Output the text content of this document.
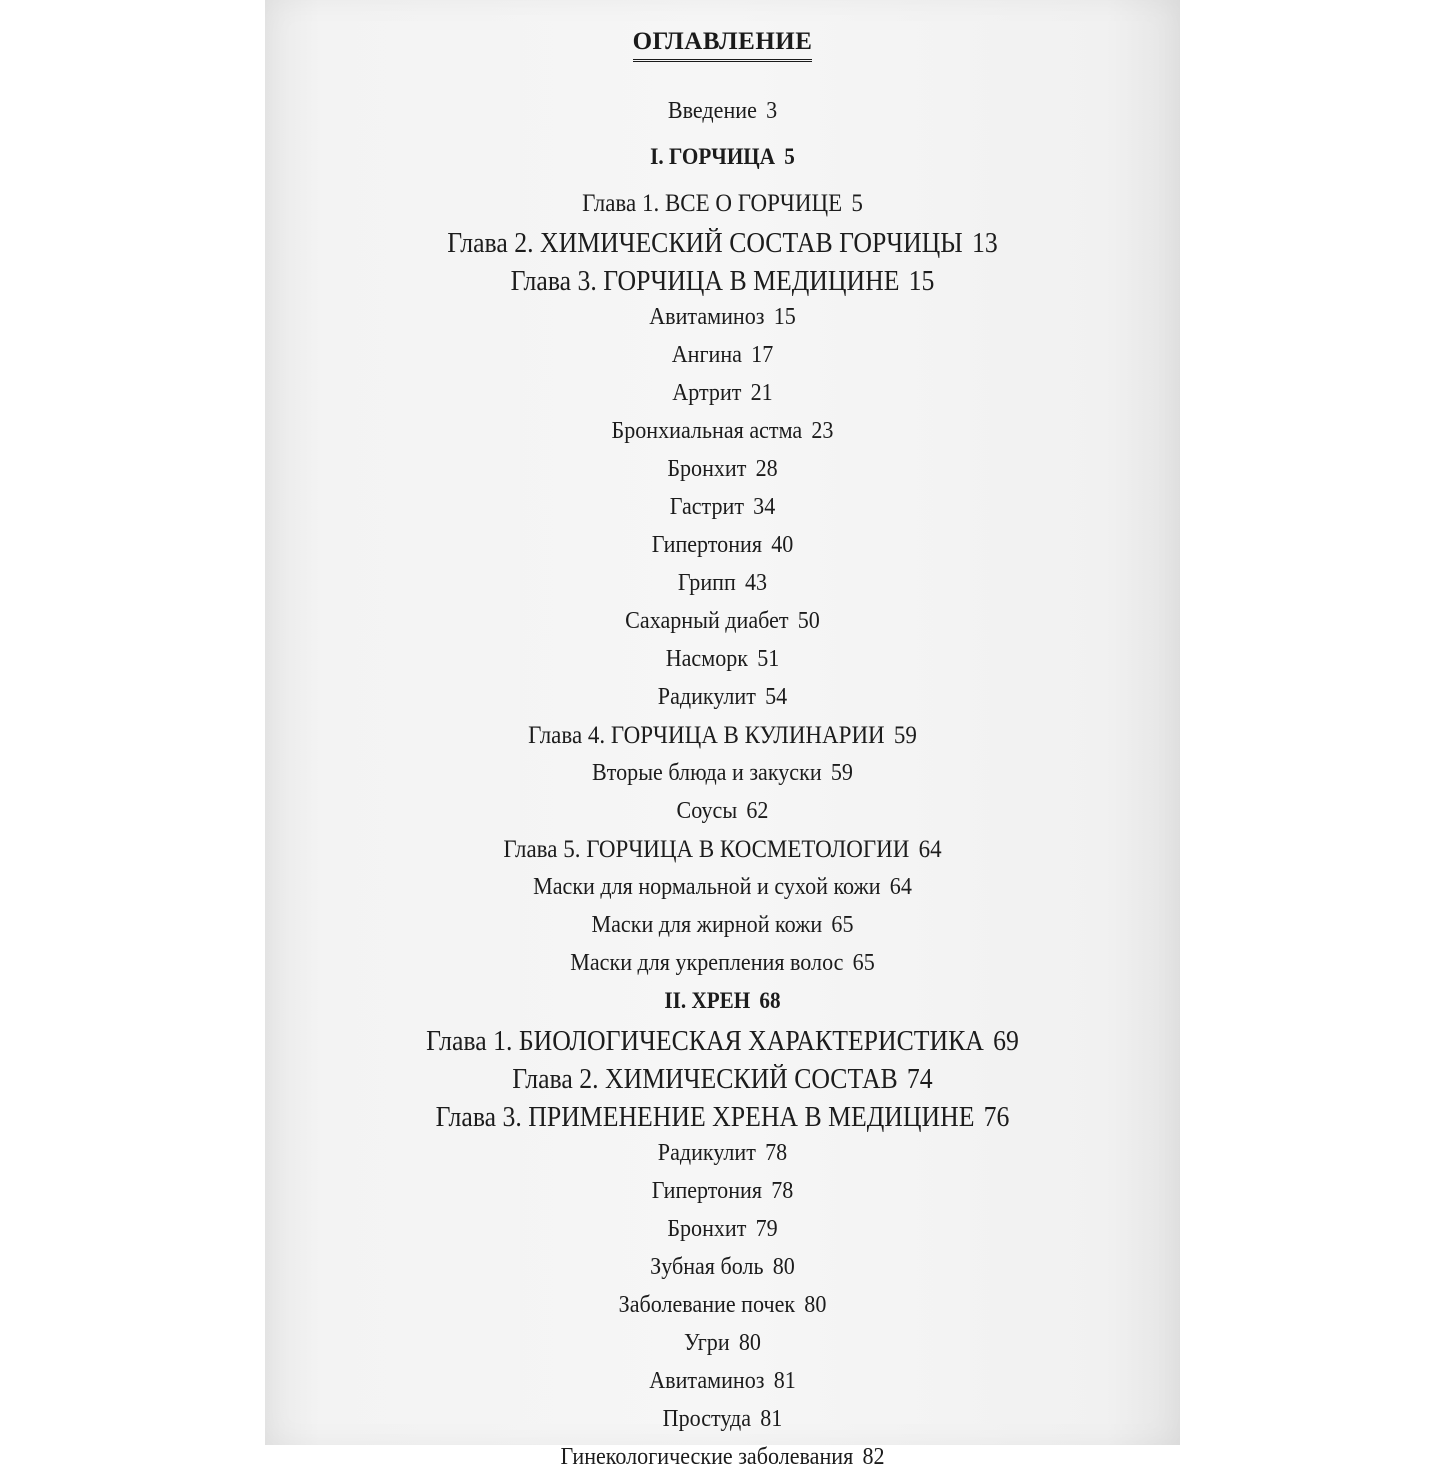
ОГЛАВЛЕНИЕ
Введение 3
I. ГОРЧИЦА 5
Глава 1. ВСЕ О ГОРЧИЦЕ 5
Глава 2. ХИМИЧЕСКИЙ СОСТАВ ГОРЧИЦЫ 13
Глава 3. ГОРЧИЦА В МЕДИЦИНЕ 15
Авитаминоз 15
Ангина 17
Артрит 21
Бронхиальная астма 23
Бронхит 28
Гастрит 34
Гипертония 40
Грипп 43
Сахарный диабет 50
Насморк 51
Радикулит 54
Глава 4. ГОРЧИЦА В КУЛИНАРИИ 59
Вторые блюда и закуски 59
Соусы 62
Глава 5. ГОРЧИЦА В КОСМЕТОЛОГИИ 64
Маски для нормальной и сухой кожи 64
Маски для жирной кожи 65
Маски для укрепления волос 65
II. ХРЕН 68
Глава 1. БИОЛОГИЧЕСКАЯ ХАРАКТЕРИСТИКА 69
Глава 2. ХИМИЧЕСКИЙ СОСТАВ 74
Глава 3. ПРИМЕНЕНИЕ ХРЕНА В МЕДИЦИНЕ 76
Радикулит 78
Гипертония 78
Бронхит 79
Зубная боль 80
Заболевание почек 80
Угри 80
Авитаминоз 81
Простуда 81
Гинекологические заболевания 82
